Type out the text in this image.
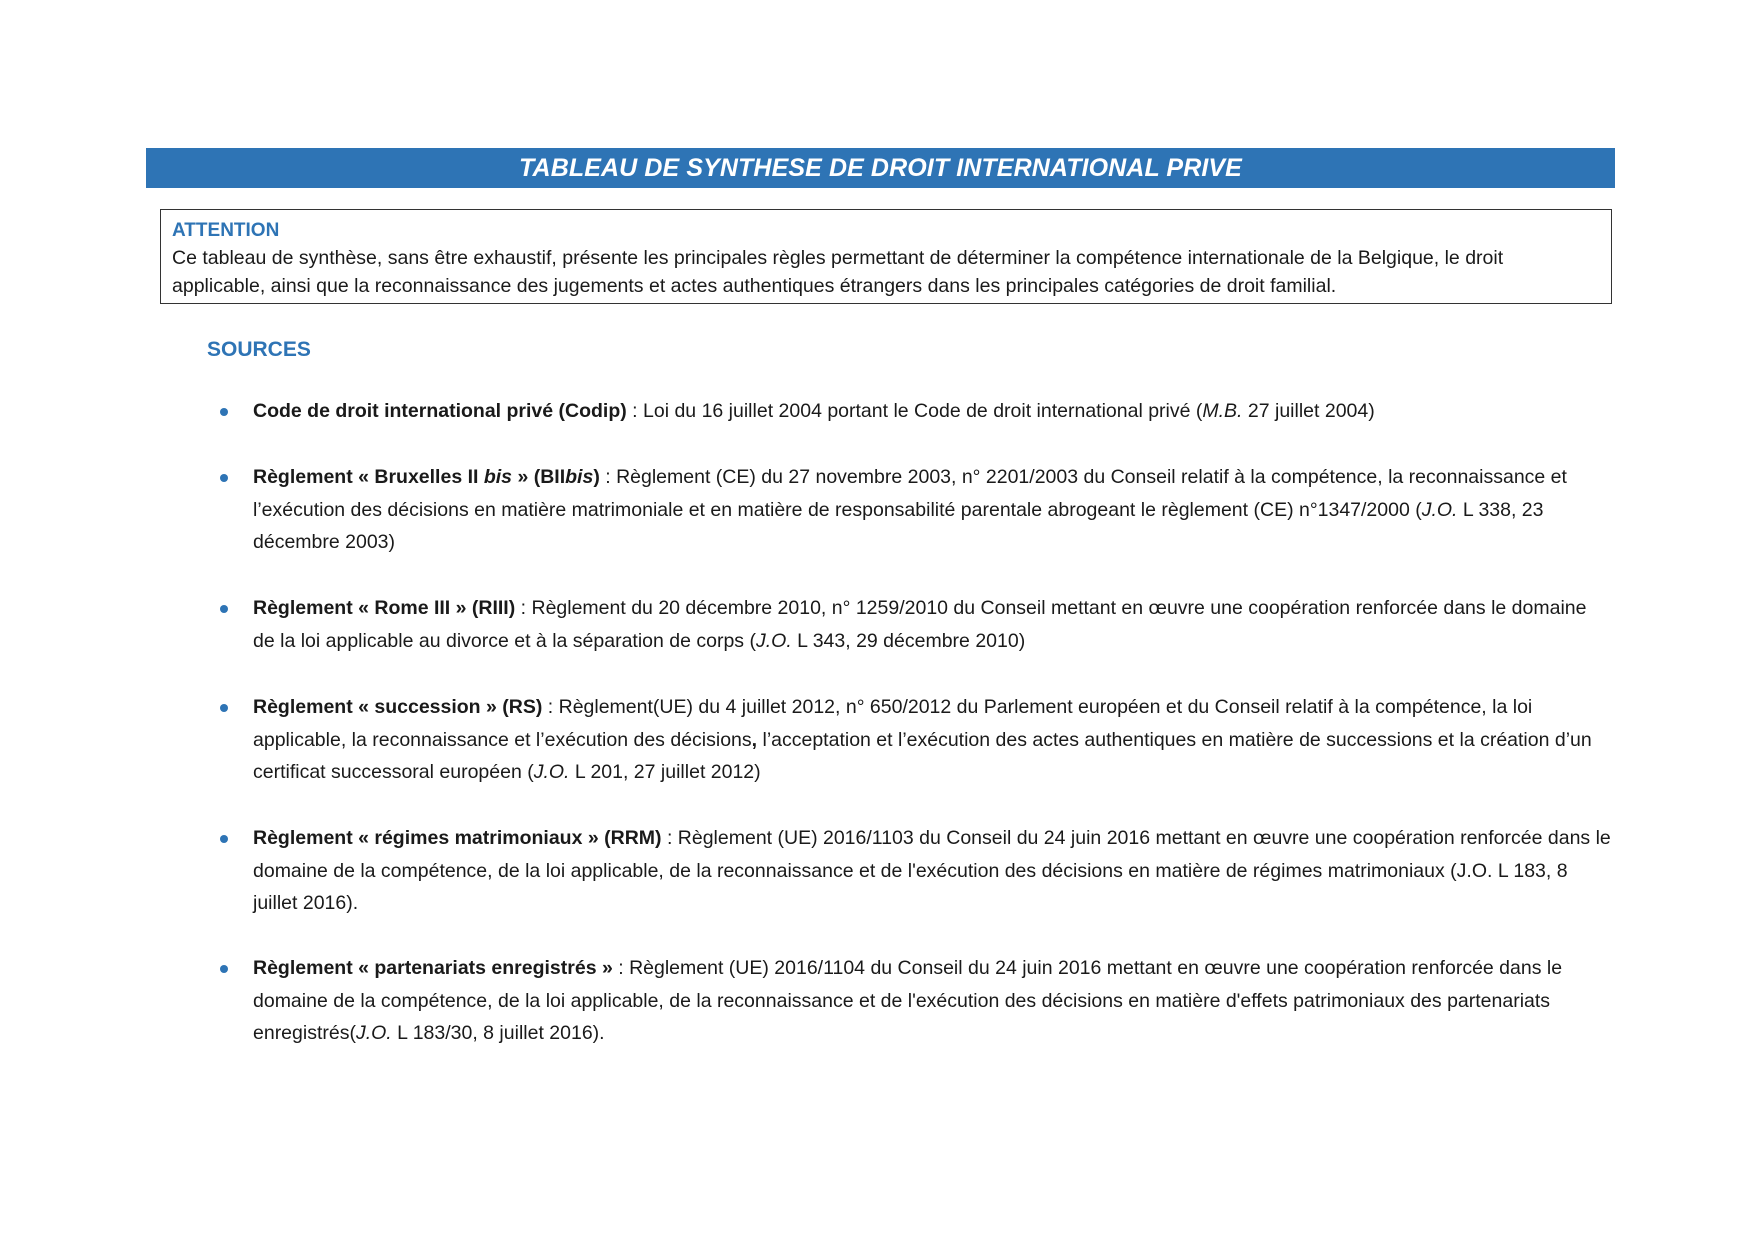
TABLEAU DE SYNTHESE DE DROIT INTERNATIONAL PRIVE
ATTENTION
Ce tableau de synthèse, sans être exhaustif, présente les principales règles permettant de déterminer la compétence internationale de la Belgique, le droit applicable, ainsi que la reconnaissance des jugements et actes authentiques étrangers dans les principales catégories de droit familial.
SOURCES
Code de droit international privé (Codip) : Loi du 16 juillet 2004 portant le Code de droit international privé (M.B. 27 juillet 2004)
Règlement « Bruxelles II bis » (BIIbis) : Règlement (CE) du 27 novembre 2003, n° 2201/2003 du Conseil relatif à la compétence, la reconnaissance et l’exécution des décisions en matière matrimoniale et en matière de responsabilité parentale abrogeant le règlement (CE) n°1347/2000 (J.O. L 338, 23 décembre 2003)
Règlement « Rome III » (RIII) : Règlement du 20 décembre 2010, n° 1259/2010 du Conseil mettant en œuvre une coopération renforcée dans le domaine de la loi applicable au divorce et à la séparation de corps (J.O. L 343, 29 décembre 2010)
Règlement « succession » (RS) : Règlement(UE) du 4 juillet 2012, n° 650/2012 du Parlement européen et du Conseil relatif à la compétence, la loi applicable, la reconnaissance et l’exécution des décisions, l’acceptation et l’exécution des actes authentiques en matière de successions et la création d’un certificat successoral européen (J.O. L 201, 27 juillet 2012)
Règlement « régimes matrimoniaux » (RRM) : Règlement (UE) 2016/1103 du Conseil du 24 juin 2016 mettant en œuvre une coopération renforcée dans le domaine de la compétence, de la loi applicable, de la reconnaissance et de l'exécution des décisions en matière de régimes matrimoniaux (J.O. L 183, 8 juillet 2016).
Règlement « partenariats enregistrés » : Règlement (UE) 2016/1104 du Conseil du 24 juin 2016 mettant en œuvre une coopération renforcée dans le domaine de la compétence, de la loi applicable, de la reconnaissance et de l'exécution des décisions en matière d'effets patrimoniaux des partenariats enregistrés(J.O. L 183/30, 8 juillet 2016).
